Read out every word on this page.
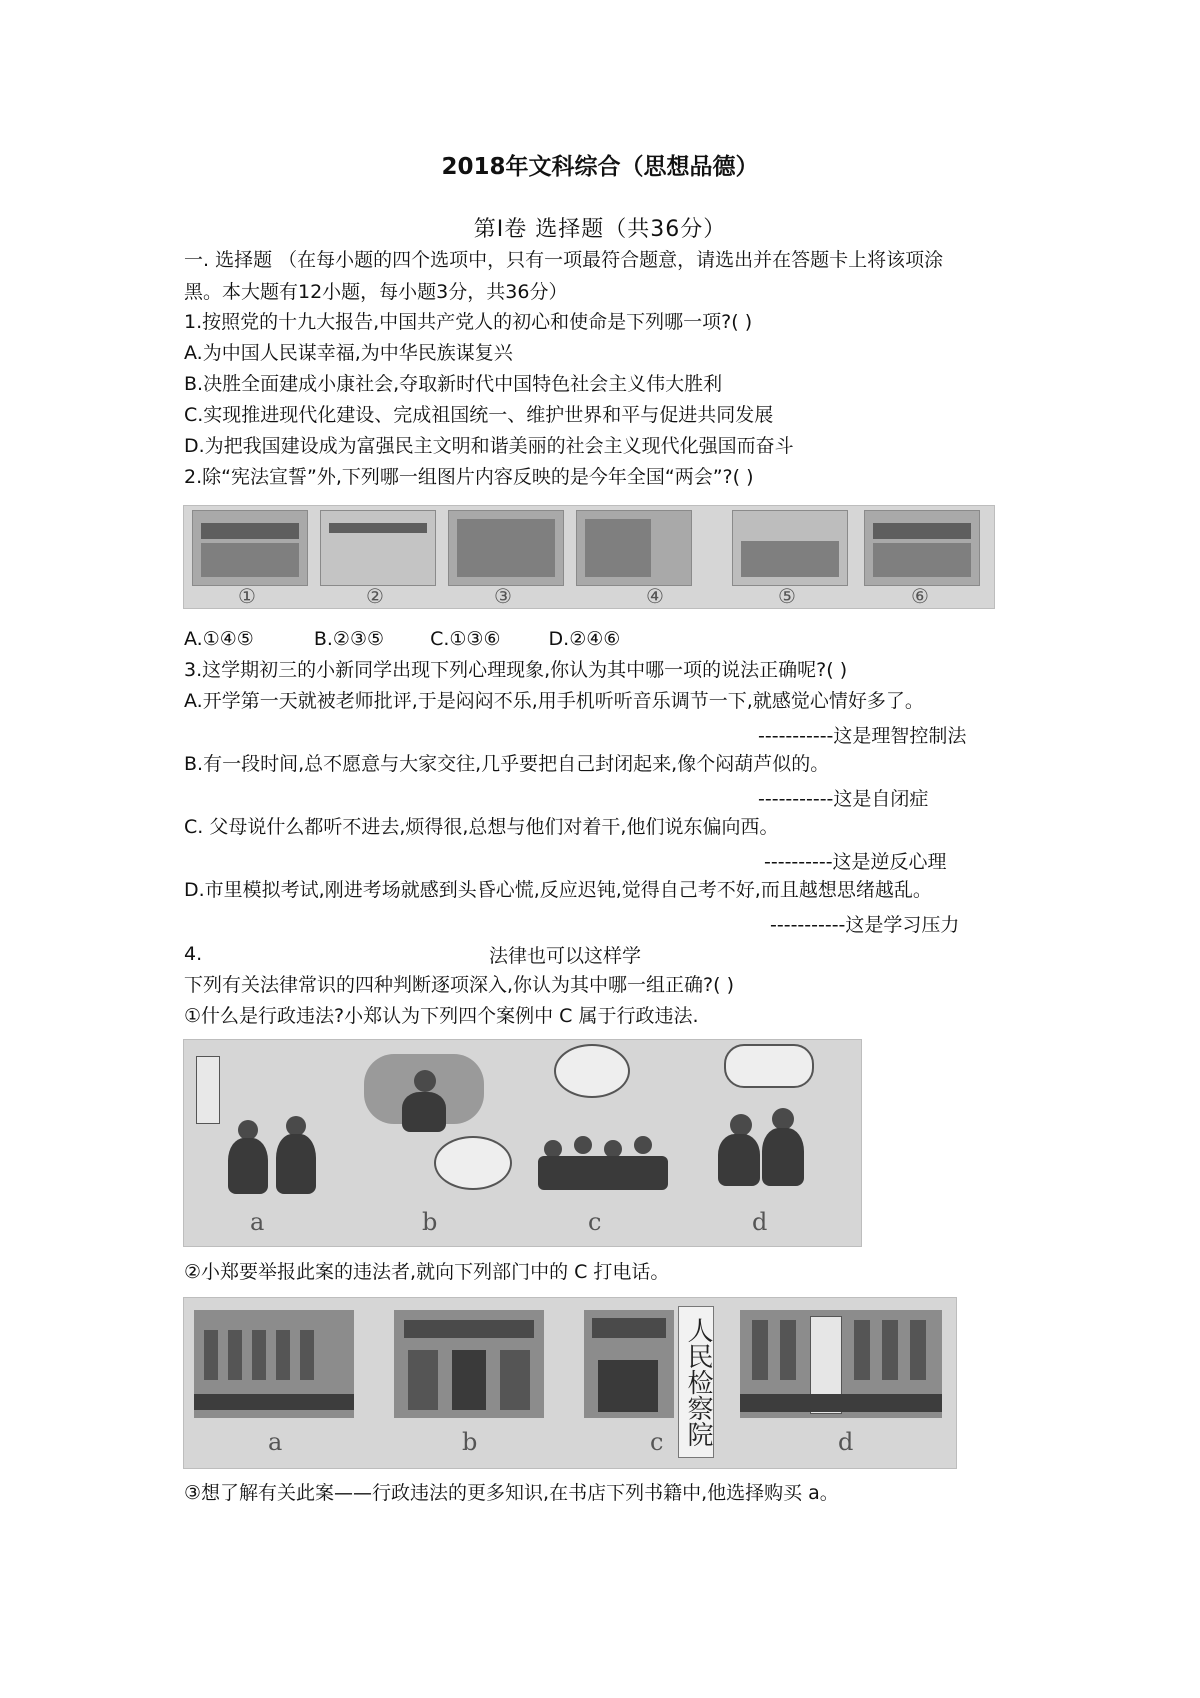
2018年文科综合（思想品德）
第Ⅰ卷 选择题（共36分）
一. 选择题 （在每小题的四个选项中，只有一项最符合题意，请选出并在答题卡上将该项涂
黑。本大题有12小题，每小题3分，共36分）
1.按照党的十九大报告,中国共产党人的初心和使命是下列哪一项?( )
A.为中国人民谋幸福,为中华民族谋复兴
B.决胜全面建成小康社会,夺取新时代中国特色社会主义伟大胜利
C.实现推进现代化建设、完成祖国统一、维护世界和平与促进共同发展
D.为把我国建设成为富强民主文明和谐美丽的社会主义现代化强国而奋斗
2.除“宪法宣誓”外,下列哪一组图片内容反映的是今年全国“两会”?( )
①	②	③	④	⑤	⑥
A.①④⑤	B.②③⑤ C.①③⑥	D.②④⑥
3.这学期初三的小新同学出现下列心理现象,你认为其中哪一项的说法正确呢?( )
A.开学第一天就被老师批评,于是闷闷不乐,用手机听听音乐调节一下,就感觉心情好多了。
-----------这是理智控制法
B.有一段时间,总不愿意与大家交往,几乎要把自己封闭起来,像个闷葫芦似的。
-----------这是自闭症
C. 父母说什么都听不进去,烦得很,总想与他们对着干,他们说东偏向西。
----------这是逆反心理
D.市里模拟考试,刚进考场就感到头昏心慌,反应迟钝,觉得自己考不好,而且越想思绪越乱。
-----------这是学习压力
4.	法律也可以这样学
下列有关法律常识的四种判断逐项深入,你认为其中哪一组正确?( )
①什么是行政违法?小郑认为下列四个案例中 C 属于行政违法.
a	b	c	d
②小郑要举报此案的违法者,就向下列部门中的 C 打电话。
人民检察院
a	b	c	d
③想了解有关此案——行政违法的更多知识,在书店下列书籍中,他选择购买 a。
